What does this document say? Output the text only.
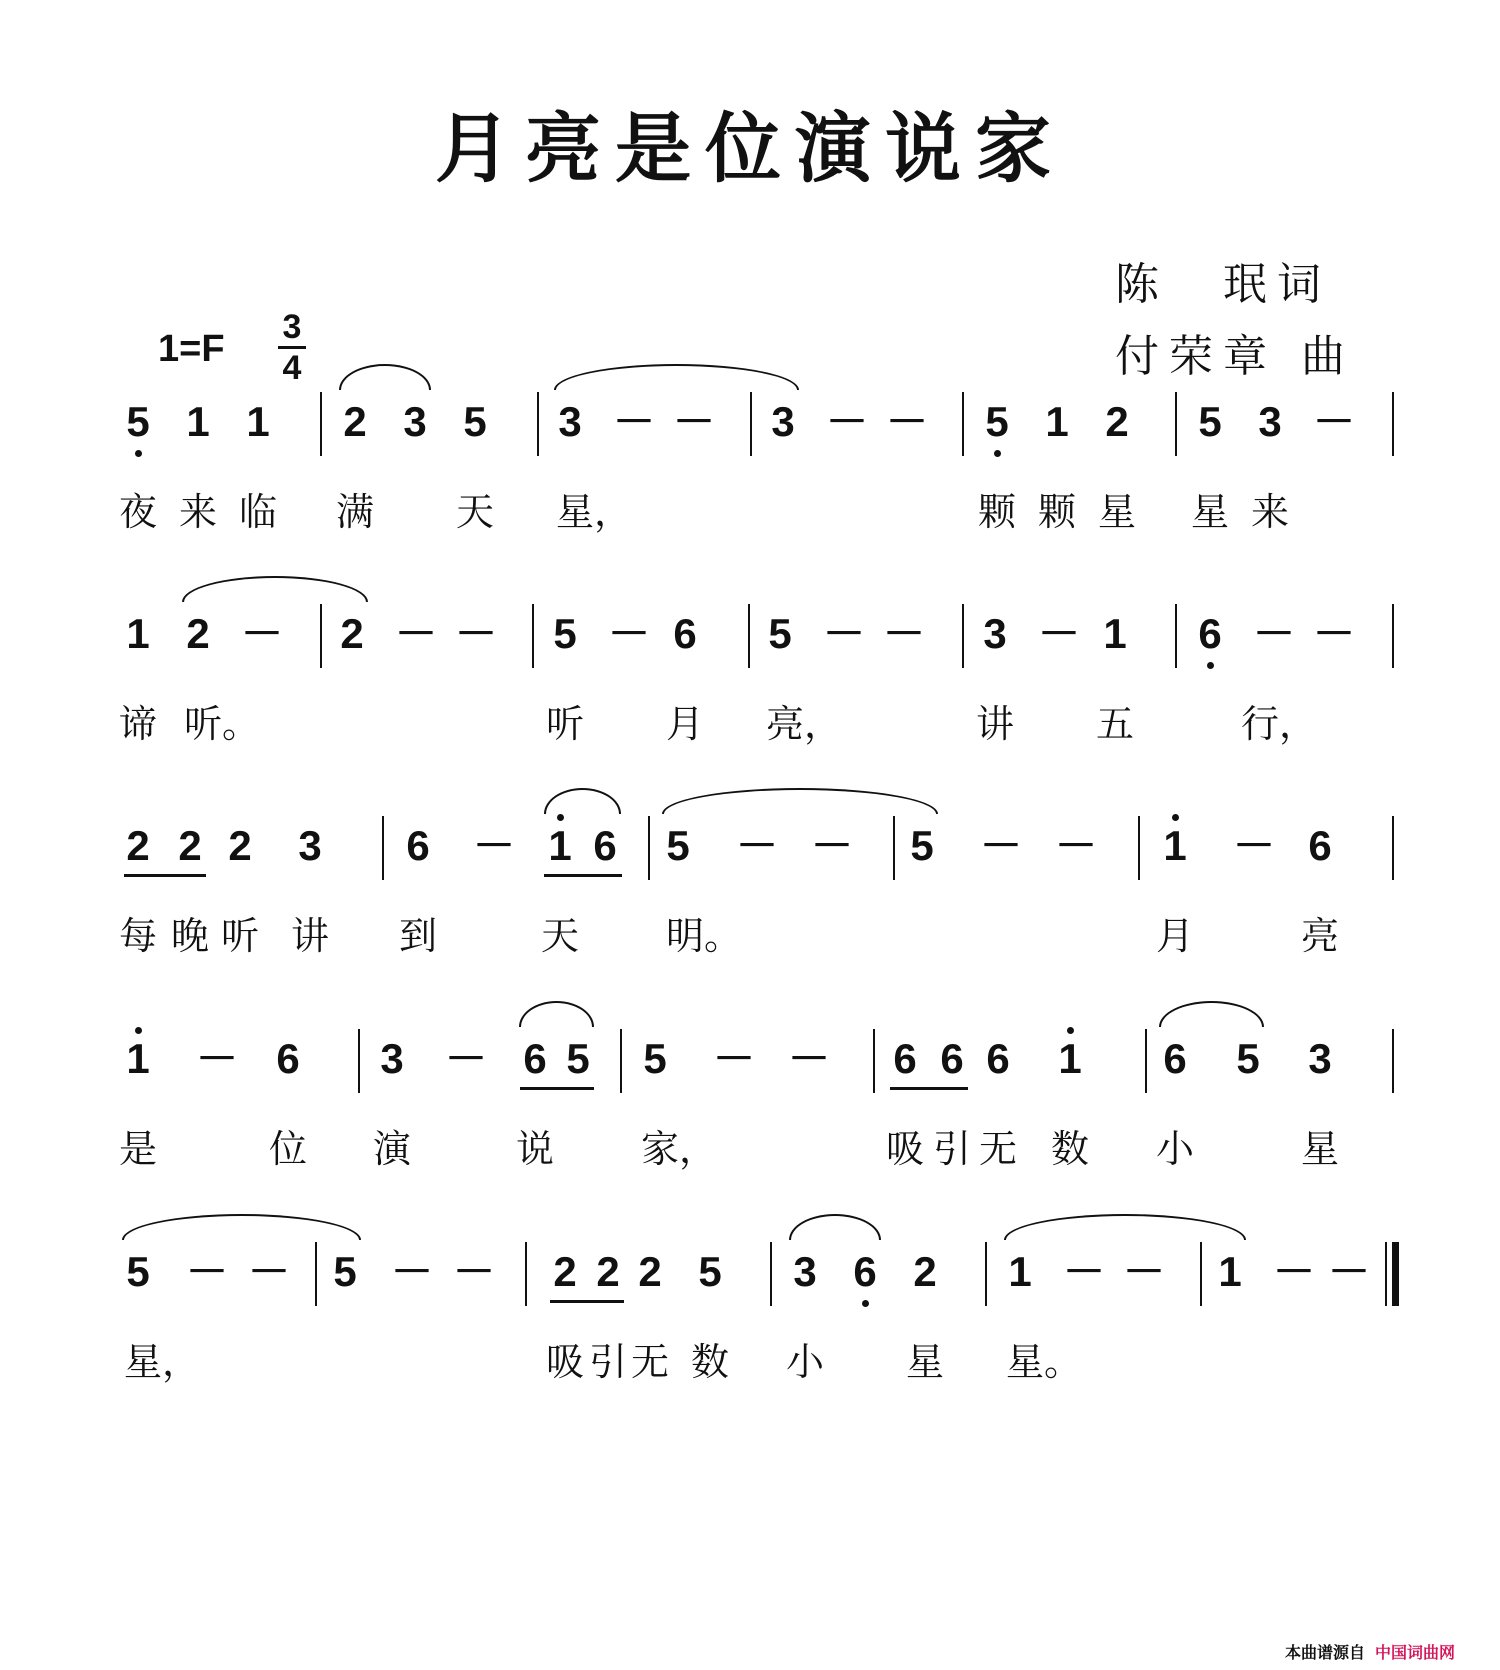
月亮是位演说家
陈　珉词
付荣章 曲
1=F
3
4
5 1 1 2 3 5 3 － － 3 － － 5 1 2 5 3 －
夜 来 临 满 天 星，	颗 颗 星 星 来
1 2 － 2 － － 5 － 6 5 － － 3 － 1 6 － －
谛 听。	听 月 亮，	讲 五	行，
2 2 2 3 6 － 1 6 5 － － 5 － － 1 － 6
每 晚 听 讲 到	天 明。	月	亮
1 － 6 3 － 6 5 5 － － 6 6 6 1 6 5 3
是	位 演	说 家，	吸 引 无 数 小	星
5 － － 5 － － 2 2 2 5 3 6 2 1 － － 1 － －
星，	吸 引 无 数 小 星 星。
本曲谱源自 中国词曲网
